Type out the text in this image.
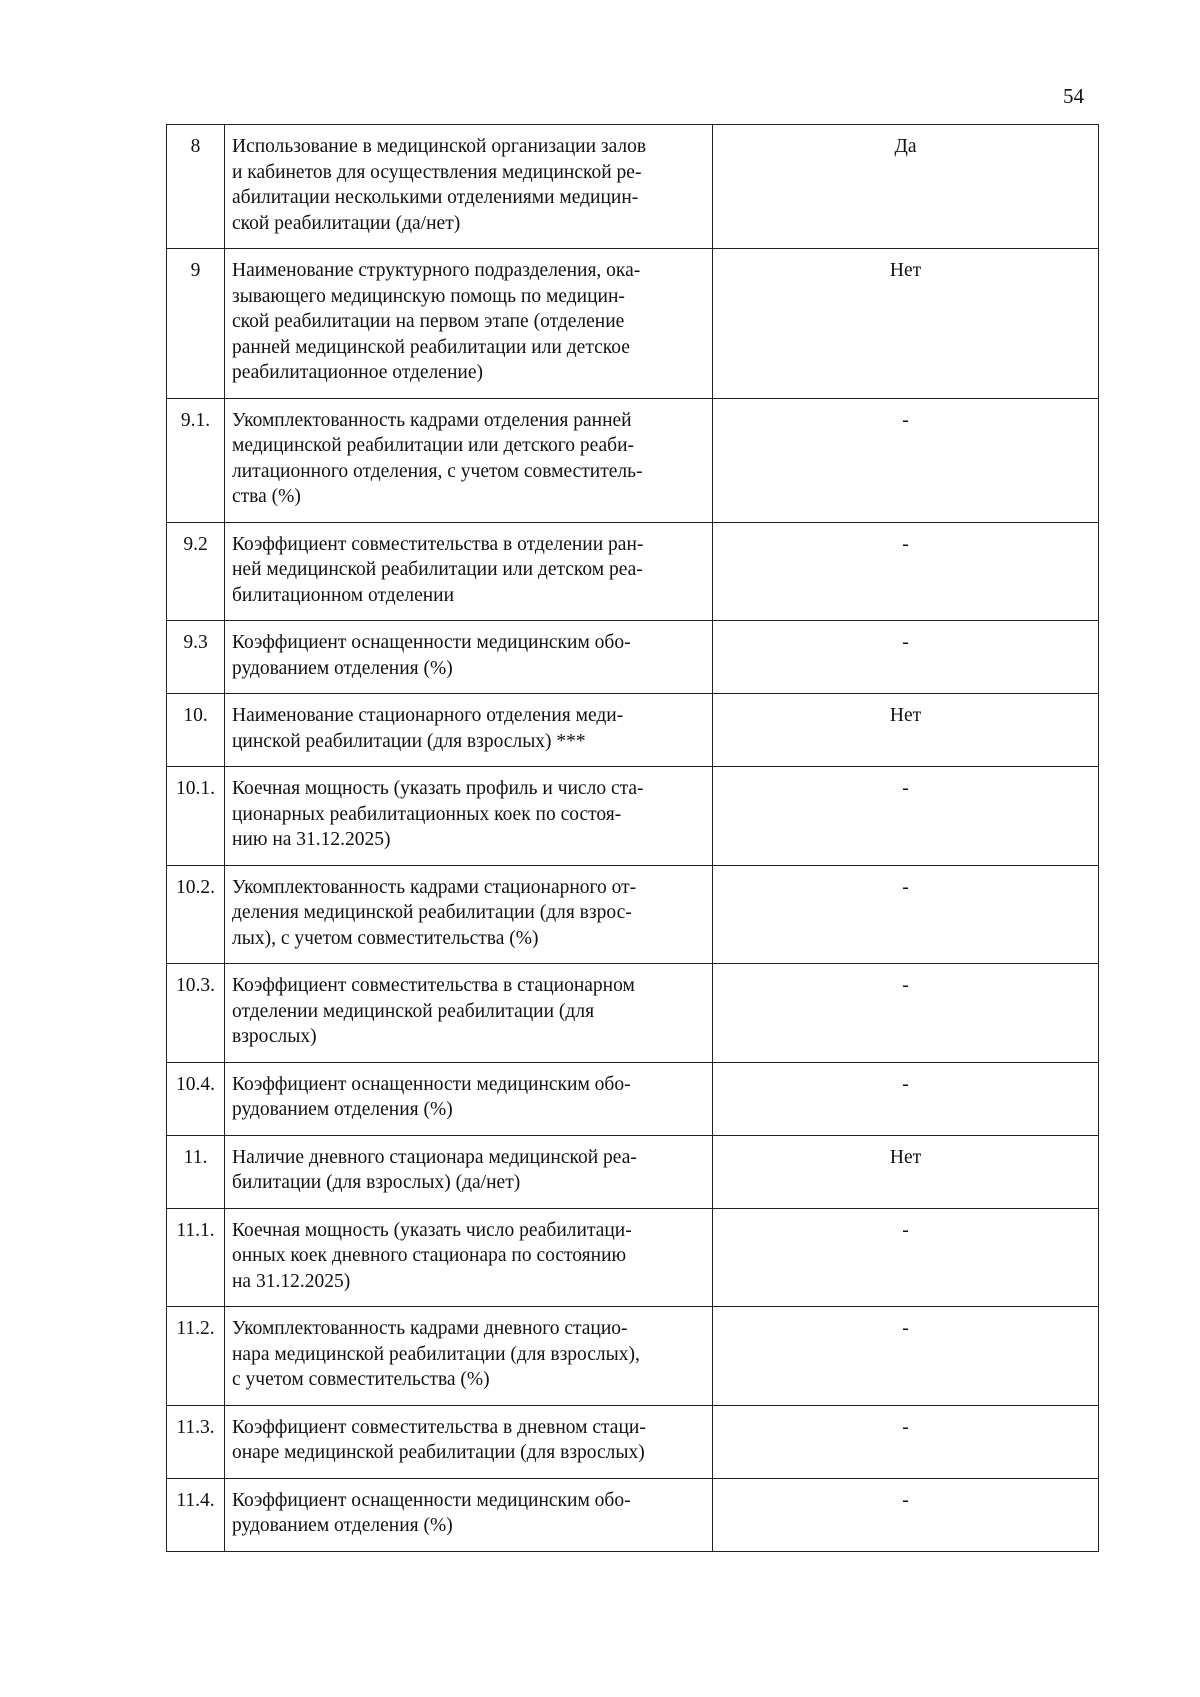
54
8	Использование в медицинской организации залов
и кабинетов для осуществления медицинской ре-
абилитации несколькими отделениями медицин-
ской реабилитации (да/нет)	Да
9	Наименование структурного подразделения, ока-
зывающего медицинскую помощь по медицин-
ской реабилитации на первом этапе (отделение
ранней медицинской реабилитации или детское
реабилитационное отделение)	Нет
9.1.	Укомплектованность кадрами отделения ранней
медицинской реабилитации или детского реаби-
литационного отделения, с учетом совместитель-
ства (%)	-
9.2	Коэффициент совместительства в отделении ран-
ней медицинской реабилитации или детском реа-
билитационном отделении	-
9.3	Коэффициент оснащенности медицинским обо-
рудованием отделения (%)	-
10.	Наименование стационарного отделения меди-
цинской реабилитации (для взрослых) ***	Нет
10.1.	Коечная мощность (указать профиль и число ста-
ционарных реабилитационных коек по состоя-
нию на 31.12.2025)	-
10.2.	Укомплектованность кадрами стационарного от-
деления медицинской реабилитации (для взрос-
лых), с учетом совместительства (%)	-
10.3.	Коэффициент совместительства в стационарном
отделении медицинской реабилитации (для
взрослых)	-
10.4.	Коэффициент оснащенности медицинским обо-
рудованием отделения (%)	-
11.	Наличие дневного стационара медицинской реа-
билитации (для взрослых) (да/нет)	Нет
11.1.	Коечная мощность (указать число реабилитаци-
онных коек дневного стационара по состоянию
на 31.12.2025)	-
11.2.	Укомплектованность кадрами дневного стацио-
нара медицинской реабилитации (для взрослых),
с учетом совместительства (%)	-
11.3.	Коэффициент совместительства в дневном стаци-
онаре медицинской реабилитации (для взрослых)	-
11.4.	Коэффициент оснащенности медицинским обо-
рудованием отделения (%)	-
